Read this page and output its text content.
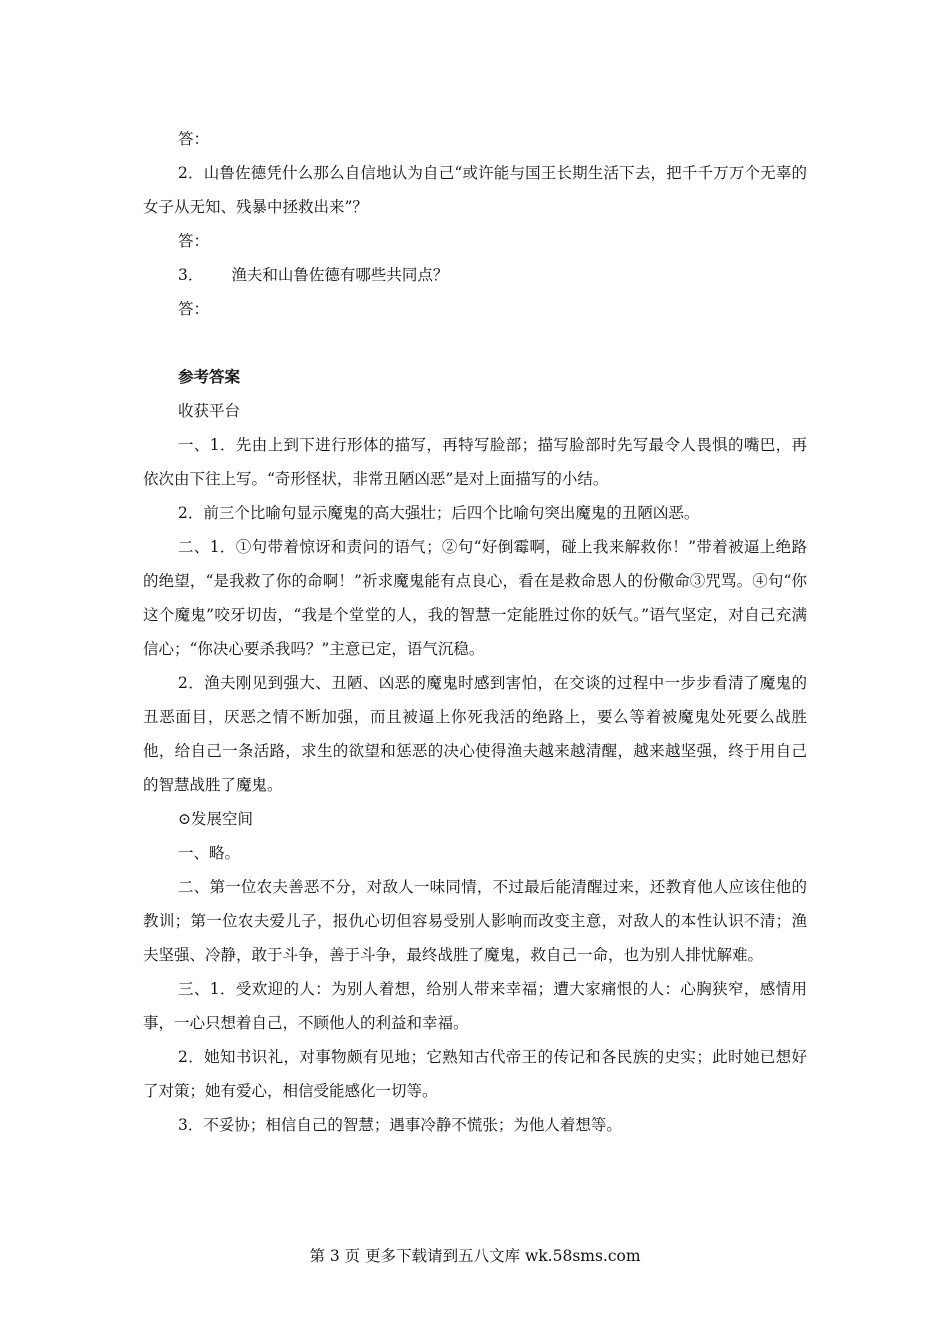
答：

2．山鲁佐德凭什么那么自信地认为自己“或许能与国王长期生活下去，把千千万万个无辜的女子从无知、残暴中拯救出来”？

答：

3． 渔夫和山鲁佐德有哪些共同点？

答：

参考答案

收获平台

一、1．先由上到下进行形体的描写，再特写脸部；描写脸部时先写最令人畏惧的嘴巴，再依次由下往上写。“奇形怪状，非常丑陋凶恶”是对上面描写的小结。

2．前三个比喻句显示魔鬼的高大强壮；后四个比喻句突出魔鬼的丑陋凶恶。

二、1．①句带着惊讶和责问的语气；②句“好倒霉啊，碰上我来解救你！”带着被逼上绝路的绝望，“是我救了你的命啊！”祈求魔鬼能有点良心，看在是救命恩人的份儆命③咒骂。④句“你这个魔鬼”咬牙切齿，“我是个堂堂的人，我的智慧一定能胜过你的妖气。”语气坚定，对自己充满信心；“你决心要杀我吗？”主意已定，语气沉稳。

2．渔夫刚见到强大、丑陋、凶恶的魔鬼时感到害怕，在交谈的过程中一步步看清了魔鬼的丑恶面目，厌恶之情不断加强，而且被逼上你死我活的绝路上，要么等着被魔鬼处死要么战胜他，给自己一条活路，求生的欲望和惩恶的决心使得渔夫越来越清醒，越来越坚强，终于用自己的智慧战胜了魔鬼。

⊙发展空间

一、略。

二、第一位农夫善恶不分，对敌人一味同情，不过最后能清醒过来，还教育他人应该住他的教训；第一位农夫爱儿子，报仇心切但容易受别人影响而改变主意，对敌人的本性认识不清；渔夫坚强、冷静，敢于斗争，善于斗争，最终战胜了魔鬼，救自己一命，也为别人排忧解难。

三、1．受欢迎的人：为别人着想，给别人带来幸福；遭大家痛恨的人：心胸狭窄，感情用事，一心只想着自己，不顾他人的利益和幸福。

2．她知书识礼，对事物颇有见地；它熟知古代帝王的传记和各民族的史实；此时她已想好了对策；她有爱心，相信受能感化一切等。

3．不妥协；相信自己的智慧；遇事冷静不慌张；为他人着想等。

第 3 页 更多下载请到五八文库 wk.58sms.com
